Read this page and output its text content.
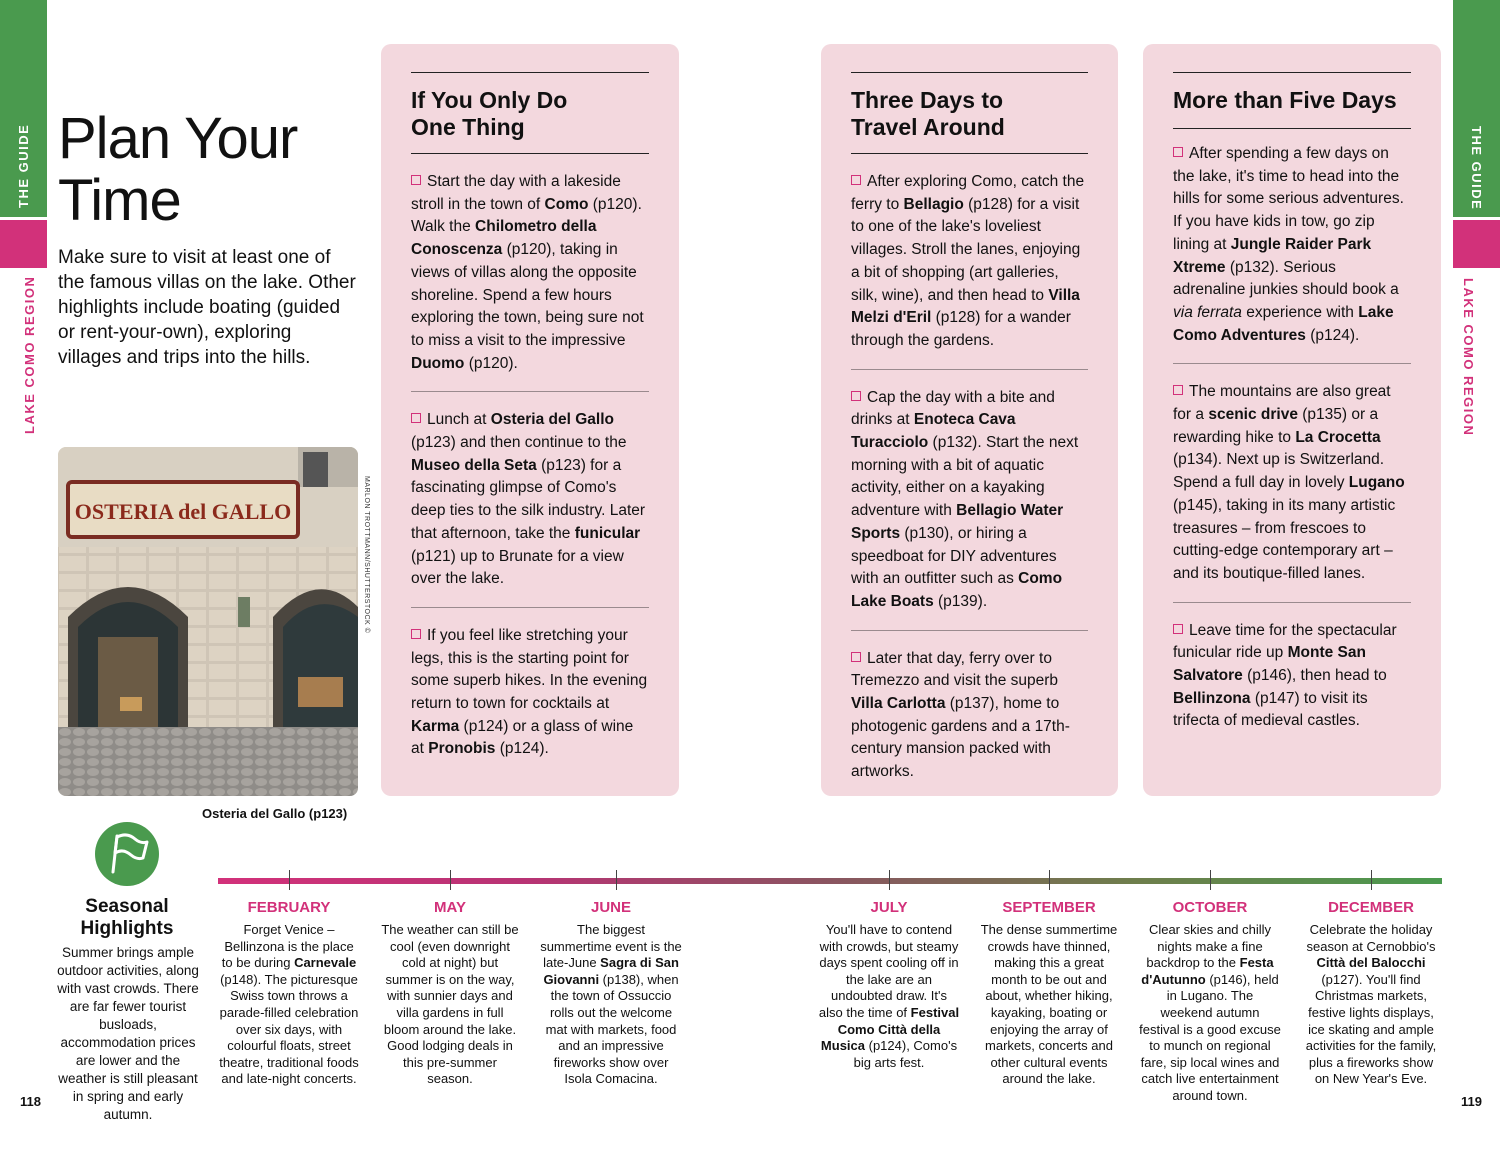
THE GUIDE
LAKE COMO REGION
THE GUIDE
LAKE COMO REGION
118	119
Plan Your
Time

Make sure to visit at least one of the famous villas on the lake. Other highlights include boating (guided or rent-your-own), exploring villages and trips into the hills.

OSTERIA del GALLO	MARLON TROTTMANN/SHUTTERSTOCK ©
Osteria del Gallo (p123)
If You Only Do
One Thing
Start the day with a lakeside stroll in the town of Como (p120). Walk the Chilometro della Conoscenza (p120), taking in views of villas along the opposite shoreline. Spend a few hours exploring the town, being sure not to miss a visit to the impressive Duomo (p120).
Lunch at Osteria del Gallo (p123) and then continue to the Museo della Seta (p123) for a fascinating glimpse of Como's deep ties to the silk industry. Later that afternoon, take the funicular (p121) up to Brunate for a view over the lake.
If you feel like stretching your legs, this is the starting point for some superb hikes. In the evening return to town for cocktails at Karma (p124) or a glass of wine at Pronobis (p124).
Three Days to
Travel Around
After exploring Como, catch the ferry to Bellagio (p128) for a visit to one of the lake's loveliest villages. Stroll the lanes, enjoying a bit of shopping (art galleries, silk, wine), and then head to Villa Melzi d'Eril (p128) for a wander through the gardens.
Cap the day with a bite and drinks at Enoteca Cava Turacciolo (p132). Start the next morning with a bit of aquatic activity, either on a kayaking adventure with Bellagio Water Sports (p130), or hiring a speedboat for DIY adventures with an outfitter such as Como Lake Boats (p139).
Later that day, ferry over to Tremezzo and visit the superb Villa Carlotta (p137), home to photogenic gardens and a 17th-century mansion packed with artworks.
More than Five Days
After spending a few days on the lake, it's time to head into the hills for some serious adventures. If you have kids in tow, go zip lining at Jungle Raider Park Xtreme (p132). Serious adrenaline junkies should book a via ferrata experience with Lake Como Adventures (p124).
The mountains are also great for a scenic drive (p135) or a rewarding hike to La Crocetta (p134). Next up is Switzerland. Spend a full day in lovely Lugano (p145), taking in its many artistic treasures – from frescoes to cutting-edge contemporary art – and its boutique-filled lanes.
Leave time for the spectacular funicular ride up Monte San Salvatore (p146), then head to Bellinzona (p147) to visit its trifecta of medieval castles.
Seasonal
Highlights

Summer brings ample outdoor activities, along with vast crowds. There are far fewer tourist busloads, accommodation prices are lower and the weather is still pleasant in spring and early autumn.

FEBRUARY
Forget Venice – Bellinzona is the place to be during Carnevale (p148). The picturesque Swiss town throws a parade-filled celebration over six days, with colourful floats, street theatre, traditional foods and late-night concerts.
MAY
The weather can still be cool (even downright cold at night) but summer is on the way, with sunnier days and villa gardens in full bloom around the lake. Good lodging deals in this pre-summer season.
JUNE
The biggest summertime event is the late-June Sagra di San Giovanni (p138), when the town of Ossuccio rolls out the welcome mat with markets, food and an impressive fireworks show over Isola Comacina.
JULY
You'll have to contend with crowds, but steamy days spent cooling off in the lake are an undoubted draw. It's also the time of Festival Como Città della Musica (p124), Como's big arts fest.
SEPTEMBER
The dense summertime crowds have thinned, making this a great month to be out and about, whether hiking, kayaking, boating or enjoying the array of markets, concerts and other cultural events around the lake.
OCTOBER
Clear skies and chilly nights make a fine backdrop to the Festa d'Autunno (p146), held in Lugano. The weekend autumn festival is a good excuse to munch on regional fare, sip local wines and catch live entertainment around town.
DECEMBER
Celebrate the holiday season at Cernobbio's Città del Balocchi (p127). You'll find Christmas markets, festive lights displays, ice skating and ample activities for the family, plus a fireworks show on New Year's Eve.
